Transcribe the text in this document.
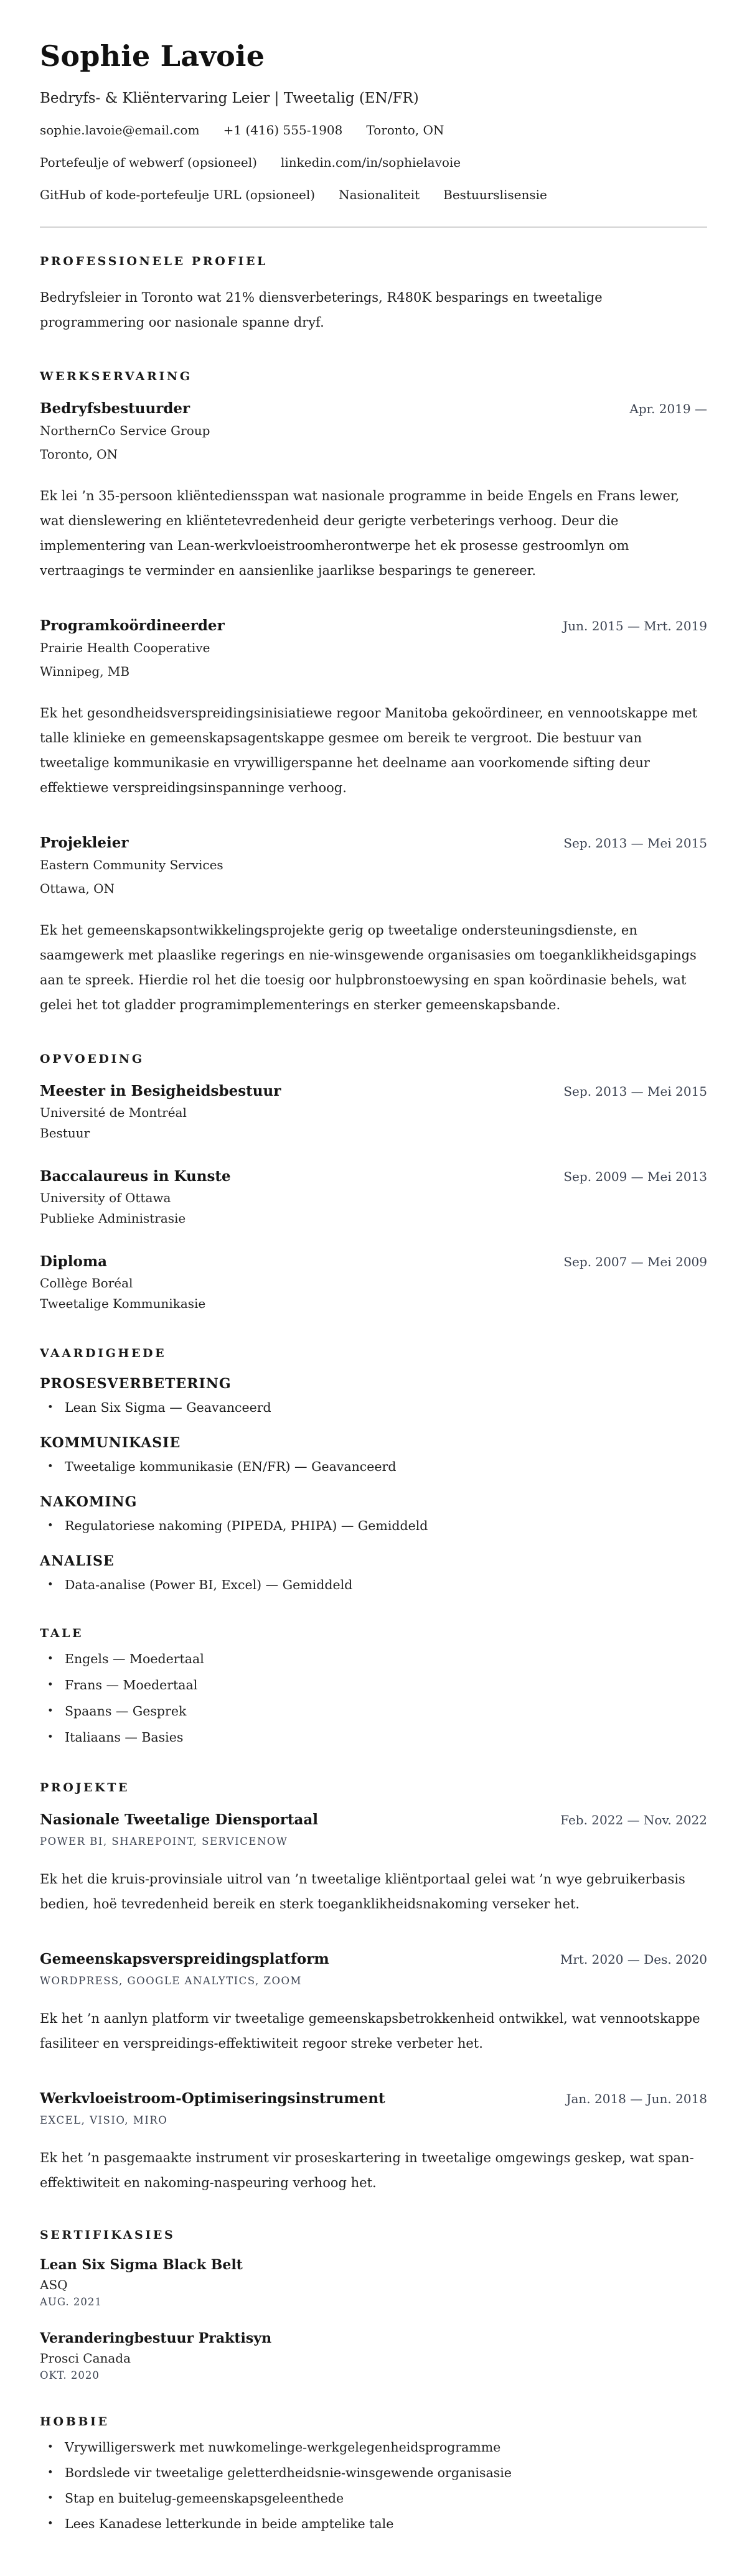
Sophie Lavoie
Bedryfs- & Kliëntervaring Leier | Tweetalig (EN/FR)
sophie.lavoie@email.com +1 (416) 555-1908 Toronto, ON
Portefeulje of webwerf (opsioneel) linkedin.com/in/sophielavoie
GitHub of kode-portefeulje URL (opsioneel) Nasionaliteit Bestuurslisensie
PROFESSIONELE PROFIEL

Bedryfsleier in Toronto wat 21% diensverbeterings, R480K besparings en tweetalige programmering oor nasionale spanne dryf.

WERKSERVARING
Bedryfsbestuurder	Apr. 2019 —
NorthernCo Service Group
Toronto, ON

Ek lei ’n 35-persoon kliëntediensspan wat nasionale programme in beide Engels en Frans lewer, wat dienslewering en kliëntetevredenheid deur gerigte verbeterings verhoog. Deur die implementering van Lean-werkvloeistroomherontwerpe het ek prosesse gestroomlyn om vertraagings te verminder en aansienlike jaarlikse besparings te genereer.

Programkoördineerder	Jun. 2015 — Mrt. 2019
Prairie Health Cooperative
Winnipeg, MB

Ek het gesondheidsverspreidingsinisiatiewe regoor Manitoba gekoördineer, en vennootskappe met talle klinieke en gemeenskapsagentskappe gesmee om bereik te vergroot. Die bestuur van tweetalige kommunikasie en vrywilligerspanne het deelname aan voorkomende sifting deur effektiewe verspreidingsinspanninge verhoog.

Projekleier	Sep. 2013 — Mei 2015
Eastern Community Services
Ottawa, ON

Ek het gemeenskapsontwikkelingsprojekte gerig op tweetalige ondersteuningsdienste, en saamgewerk met plaaslike regerings en nie-winsgewende organisasies om toeganklikheidsgapings aan te spreek. Hierdie rol het die toesig oor hulpbronstoewysing en span koördinasie behels, wat gelei het tot gladder programimplementerings en sterker gemeenskapsbande.

OPVOEDING
Meester in Besigheidsbestuur	Sep. 2013 — Mei 2015
Université de Montréal
Bestuur
Baccalaureus in Kunste	Sep. 2009 — Mei 2013
University of Ottawa
Publieke Administrasie
Diploma	Sep. 2007 — Mei 2009
Collège Boréal
Tweetalige Kommunikasie
VAARDIGHEDE
PROSESVERBETERING
• Lean Six Sigma — Geavanceerd
KOMMUNIKASIE
• Tweetalige kommunikasie (EN/FR) — Geavanceerd
NAKOMING
• Regulatoriese nakoming (PIPEDA, PHIPA) — Gemiddeld
ANALISE
• Data-analise (Power BI, Excel) — Gemiddeld
TALE
• Engels — Moedertaal
• Frans — Moedertaal
• Spaans — Gesprek
• Italiaans — Basies
PROJEKTE
Nasionale Tweetalige Diensportaal	Feb. 2022 — Nov. 2022
POWER BI, SHAREPOINT, SERVICENOW

Ek het die kruis-provinsiale uitrol van ’n tweetalige kliëntportaal gelei wat ’n wye gebruikerbasis bedien, hoë tevredenheid bereik en sterk toeganklikheidsnakoming verseker het.

Gemeenskapsverspreidingsplatform	Mrt. 2020 — Des. 2020
WORDPRESS, GOOGLE ANALYTICS, ZOOM

Ek het ’n aanlyn platform vir tweetalige gemeenskapsbetrokkenheid ontwikkel, wat vennootskappe fasiliteer en verspreidings-effektiwiteit regoor streke verbeter het.

Werkvloeistroom-Optimiseringsinstrument	Jan. 2018 — Jun. 2018
EXCEL, VISIO, MIRO

Ek het ’n pasgemaakte instrument vir proseskartering in tweetalige omgewings geskep, wat span-effektiwiteit en nakoming-naspeuring verhoog het.

SERTIFIKASIES
Lean Six Sigma Black Belt
ASQ
AUG. 2021
Veranderingbestuur Praktisyn
Prosci Canada
OKT. 2020
HOBBIE
• Vrywilligerswerk met nuwkomelinge-werkgelegenheidsprogramme
• Bordslede vir tweetalige geletterdheidsnie-winsgewende organisasie
• Stap en buitelug-gemeenskapsgeleenthede
• Lees Kanadese letterkunde in beide amptelike tale
